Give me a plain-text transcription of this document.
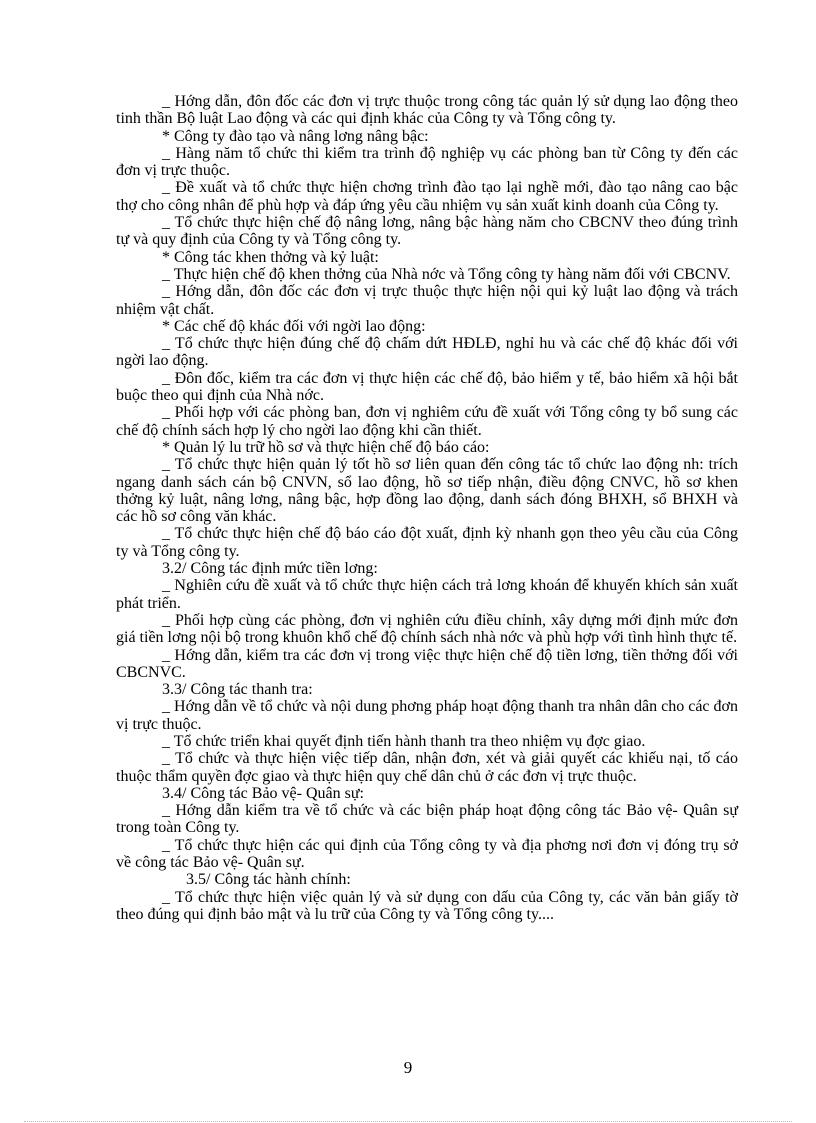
_ Hớng dẫn, đôn đốc các đơn vị trực thuộc trong công tác quản lý sử dụng lao động theo tinh thần Bộ luật Lao động và các qui định khác của Công ty và Tổng công ty.

* Công ty đào tạo và nâng lơng nâng bậc:

_ Hàng năm tổ chức thi kiểm tra trình độ nghiệp vụ các phòng ban từ Công ty đến các đơn vị trực thuộc.

_ Đề xuất và tổ chức thực hiện chơng trình đào tạo lại nghề mới, đào tạo nâng cao bậc thợ cho công nhân để phù hợp và đáp ứng yêu cầu nhiệm vụ sản xuất kinh doanh của Công ty.

_ Tổ chức thực hiện chế độ nâng lơng, nâng bậc hàng năm cho CBCNV theo đúng trình tự và quy định của Công ty và Tổng công ty.

* Công tác khen thởng và kỷ luật:

_ Thực hiện chế độ khen thởng của Nhà nớc và Tổng công ty hàng năm đối với CBCNV.

_ Hớng dẫn, đôn đốc các đơn vị trực thuộc thực hiện nội qui kỷ luật lao động và trách nhiệm vật chất.

* Các chế độ khác đối với ngời lao động:

_ Tổ chức thực hiện đúng chế độ chấm dứt HĐLĐ, nghỉ hu và các chế độ khác đối với ngời lao động.

_ Đôn đốc, kiểm tra các đơn vị thực hiện các chế độ, bảo hiểm y tế, bảo hiểm xã hội bắt buộc theo qui định của Nhà nớc.

_ Phối hợp với các phòng ban, đơn vị nghiêm cứu đề xuất với Tổng công ty bổ sung các chế độ chính sách hợp lý cho ngời lao động khi cần thiết.

* Quản lý lu trữ hồ sơ và thực hiện chế độ báo cáo:

_ Tổ chức thực hiện quản lý tốt hồ sơ liên quan đến công tác tổ chức lao động nh: trích ngang danh sách cán bộ CNVN, sổ lao động, hồ sơ tiếp nhận, điều động CNVC, hồ sơ khen thởng kỷ luật, nâng lơng, nâng bậc, hợp đồng lao động, danh sách đóng BHXH, sổ BHXH và các hồ sơ công văn khác.

_ Tổ chức thực hiện chế độ báo cáo đột xuất, định kỳ nhanh gọn theo yêu cầu của Công ty và Tổng công ty.

3.2/ Công tác định mức tiền lơng:

_ Nghiên cứu đề xuất và tổ chức thực hiện cách trả lơng khoán để khuyến khích sản xuất phát triển.

_ Phối hợp cùng các phòng, đơn vị nghiên cứu điều chỉnh, xây dựng mới định mức đơn giá tiền lơng nội bộ trong khuôn khổ chế độ chính sách nhà nớc và phù hợp với tình hình thực tế.

_ Hớng dẫn, kiểm tra các đơn vị trong việc thực hiện chế độ tiền lơng, tiền thởng đối với CBCNVC.

3.3/ Công tác thanh tra:

_ Hớng dẫn về tổ chức và nội dung phơng pháp hoạt động thanh tra nhân dân cho các đơn vị trực thuộc.

_ Tổ chức triển khai quyết định tiến hành thanh tra theo nhiệm vụ đợc giao.

_ Tổ chức và thực hiện việc tiếp dân, nhận đơn, xét và giải quyết các khiếu nại, tố cáo thuộc thẩm quyền đợc giao và thực hiện quy chế dân chủ ở các đơn vị trực thuộc.

3.4/ Công tác Bảo vệ- Quân sự:

_ Hớng dẫn kiểm tra về tổ chức và các biện pháp hoạt động công tác Bảo vệ- Quân sự trong toàn Công ty.

_ Tổ chức thực hiện các qui định của Tổng công ty và địa phơng nơi đơn vị đóng trụ sở về công tác Bảo vệ- Quân sự.

3.5/ Công tác hành chính:

_ Tổ chức thực hiện việc quản lý và sử dụng con dấu của Công ty, các văn bản giấy tờ theo đúng qui định bảo mật và lu trữ của Công ty và Tổng công ty....

9
